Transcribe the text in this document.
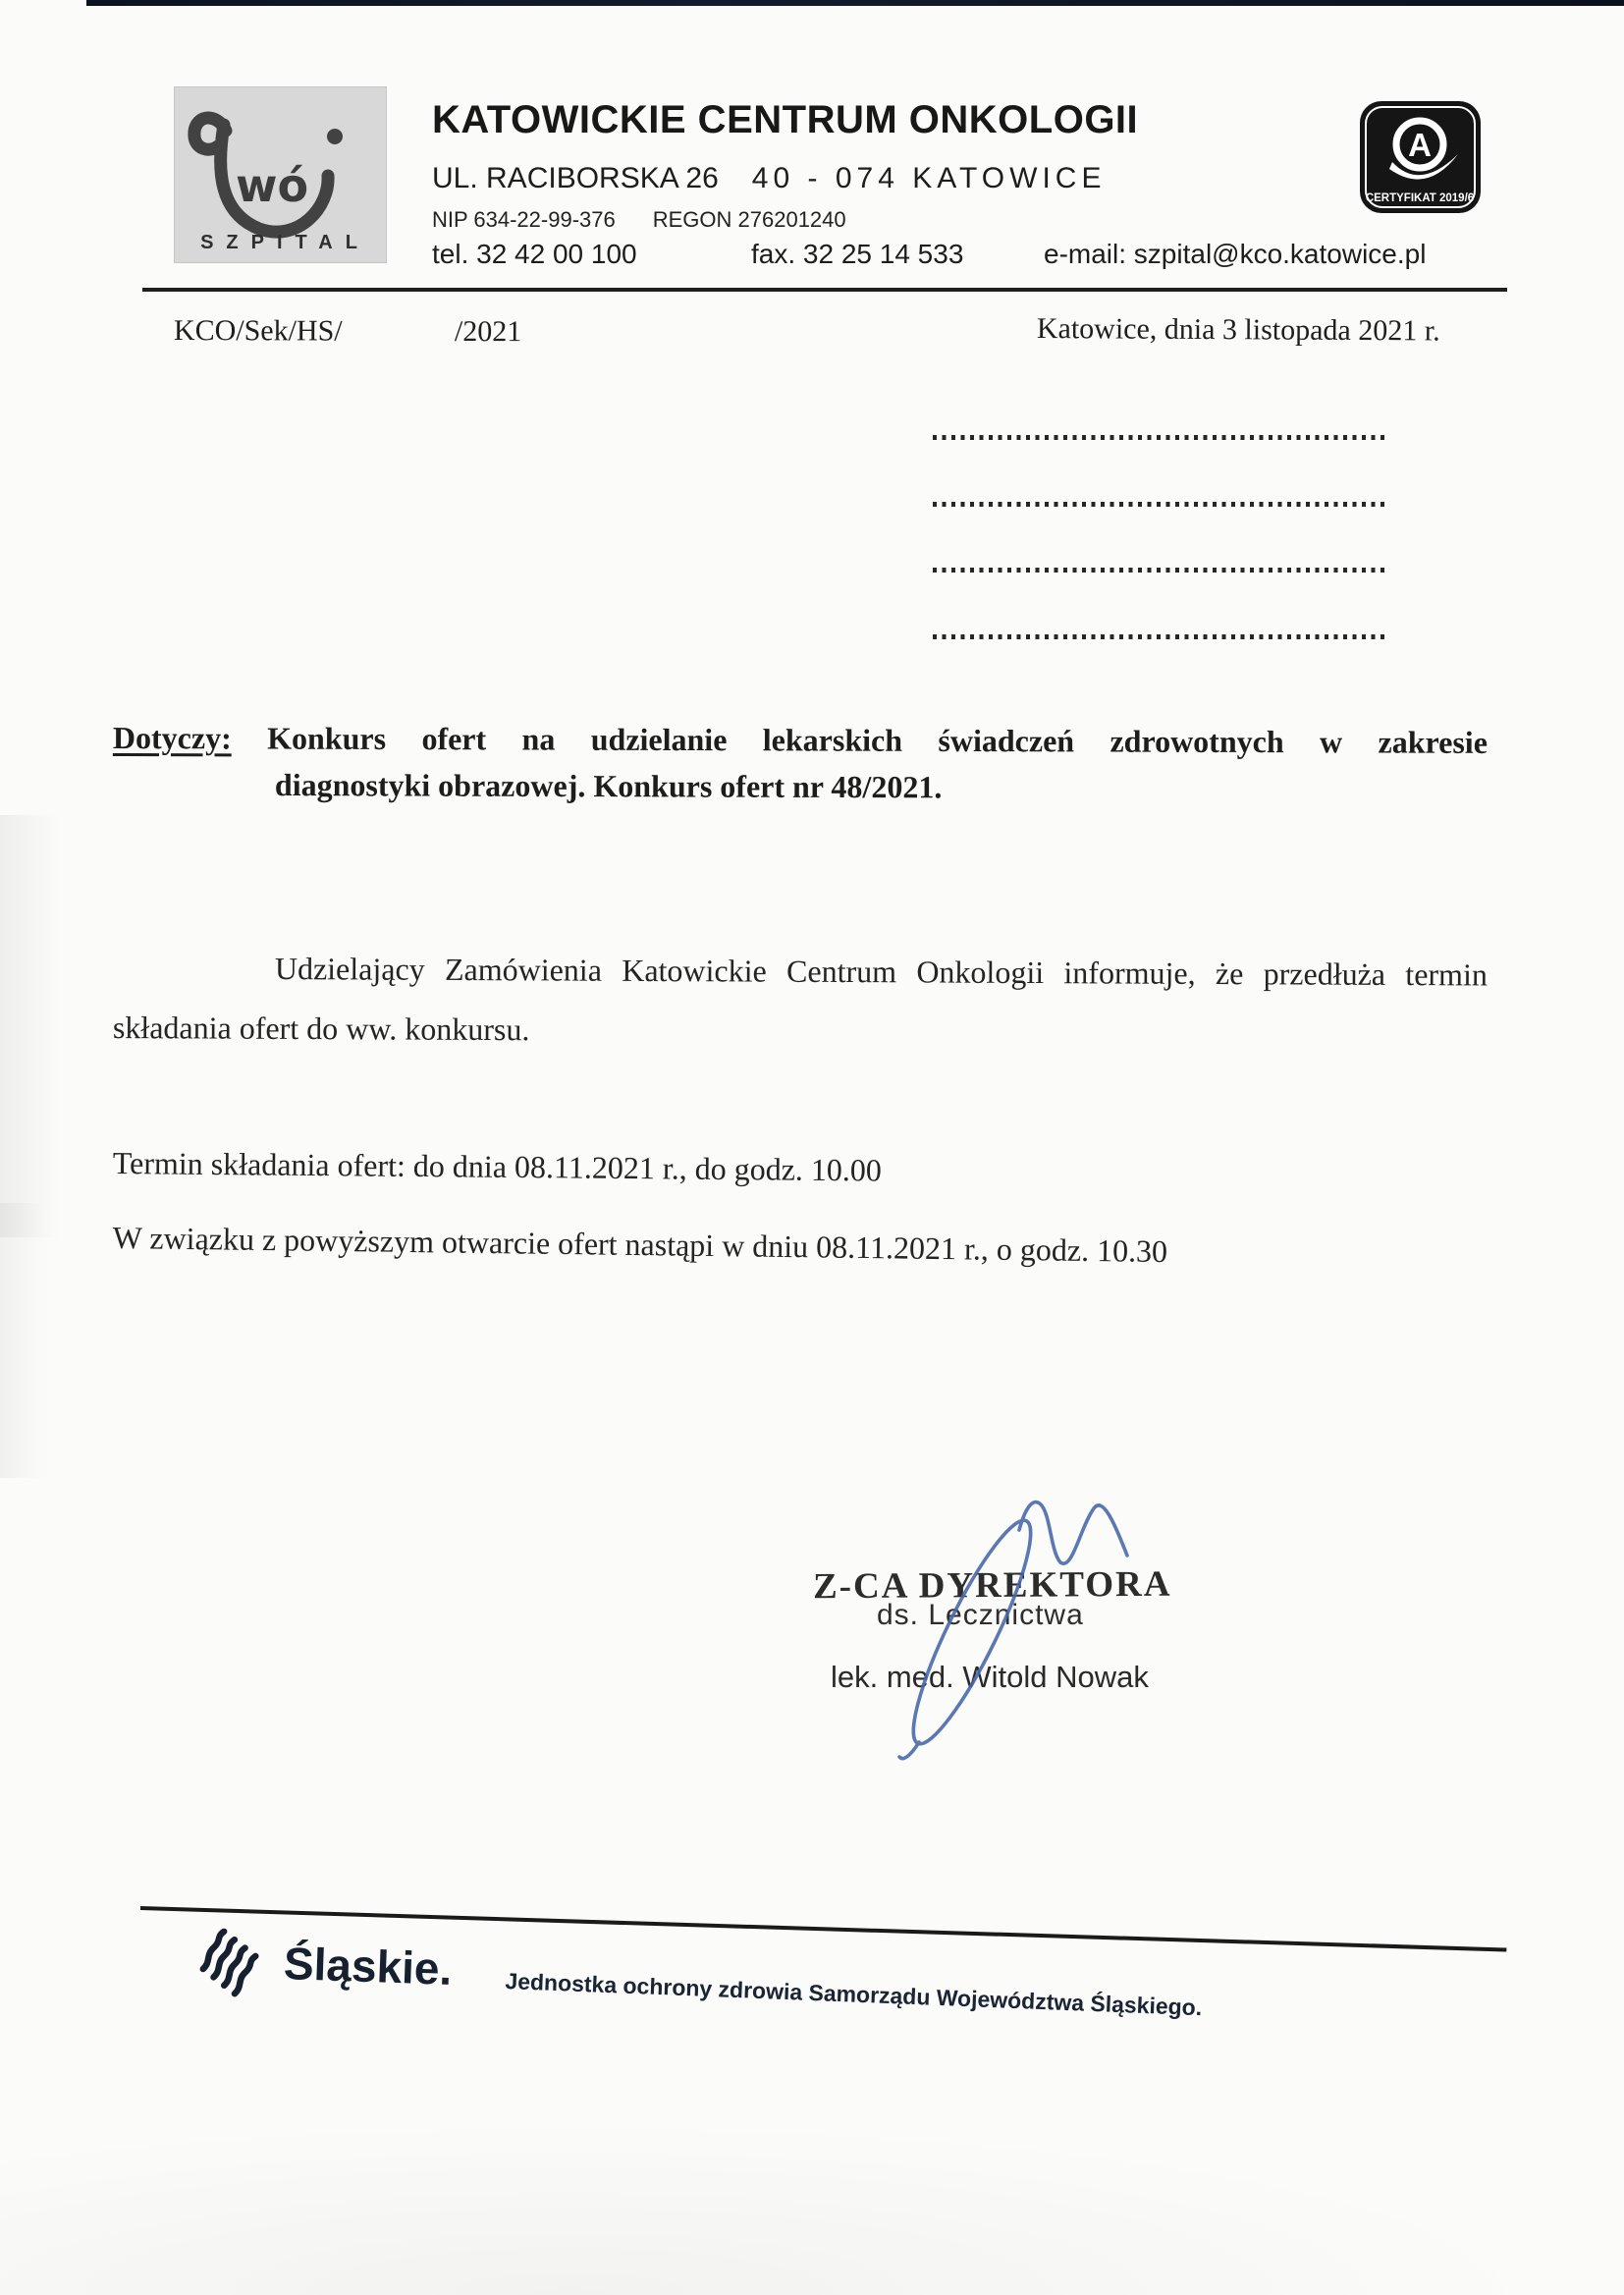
wó
SZPITAL
A
CERTYFIKAT 2019/6
KATOWICKIE CENTRUM ONKOLOGII
UL. RACIBORSKA 26 40 - 074 KATOWICE
NIP 634-22-99-376 REGON 276201240
tel. 32 42 00 100	fax. 32 25 14 533	e-mail: szpital@kco.katowice.pl
KCO/Sek/HS/	/2021	Katowice, dnia 3 listopada 2021 r.
Dotyczy: Konkurs ofert na udzielanie lekarskich świadczeń zdrowotnych w zakresie
diagnostyki obrazowej. Konkurs ofert nr 48/2021.
Udzielający Zamówienia Katowickie Centrum Onkologii informuje, że przedłuża termin
składania ofert do ww. konkursu.
Termin składania ofert: do dnia 08.11.2021 r., do godz. 10.00
W związku z powyższym otwarcie ofert nastąpi w dniu 08.11.2021 r., o godz. 10.30
Z-CA DYREKTORA
ds. Lecznictwa
lek. med. Witold Nowak
Śląskie. Jednostka ochrony zdrowia Samorządu Województwa Śląskiego.
